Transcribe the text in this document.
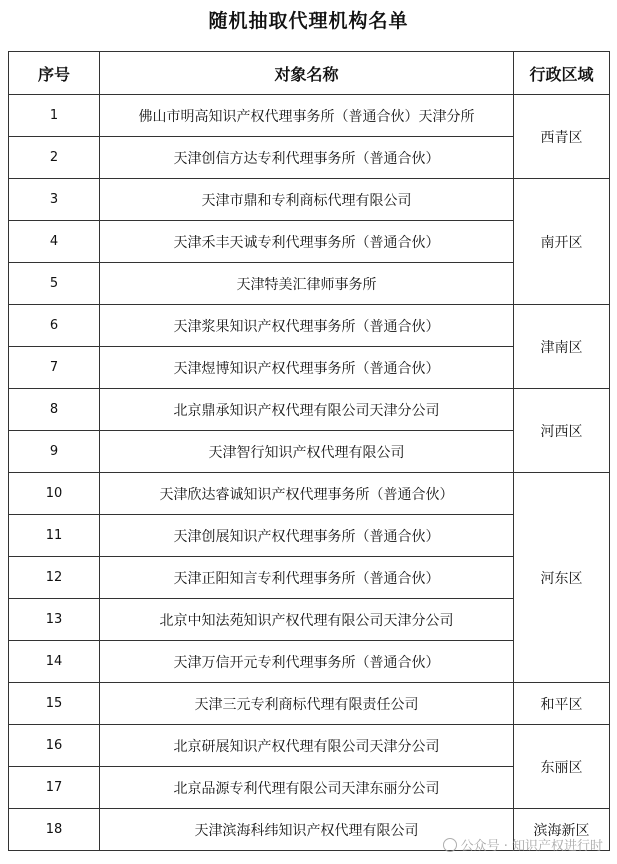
随机抽取代理机构名单
序号	对象名称	行政区域
1	佛山市明高知识产权代理事务所（普通合伙）天津分所	西青区
2	天津创信方达专利代理事务所（普通合伙）	
3	天津市鼎和专利商标代理有限公司	南开区
4	天津禾丰天诚专利代理事务所（普通合伙）	
5	天津特美汇律师事务所	
6	天津浆果知识产权代理事务所（普通合伙）	津南区
7	天津煜博知识产权代理事务所（普通合伙）	
8	北京鼎承知识产权代理有限公司天津分公司	河西区
9	天津智行知识产权代理有限公司	
10	天津欣达睿诚知识产权代理事务所（普通合伙）	河东区
11	天津创展知识产权代理事务所（普通合伙）	
12	天津正阳知言专利代理事务所（普通合伙）	
13	北京中知法苑知识产权代理有限公司天津分公司	
14	天津万信开元专利代理事务所（普通合伙）	
15	天津三元专利商标代理有限责任公司	和平区
16	北京研展知识产权代理有限公司天津分公司	东丽区
17	北京品源专利代理有限公司天津东丽分公司	
18	天津滨海科纬知识产权代理有限公司	滨海新区
公众号 · 知识产权进行时
